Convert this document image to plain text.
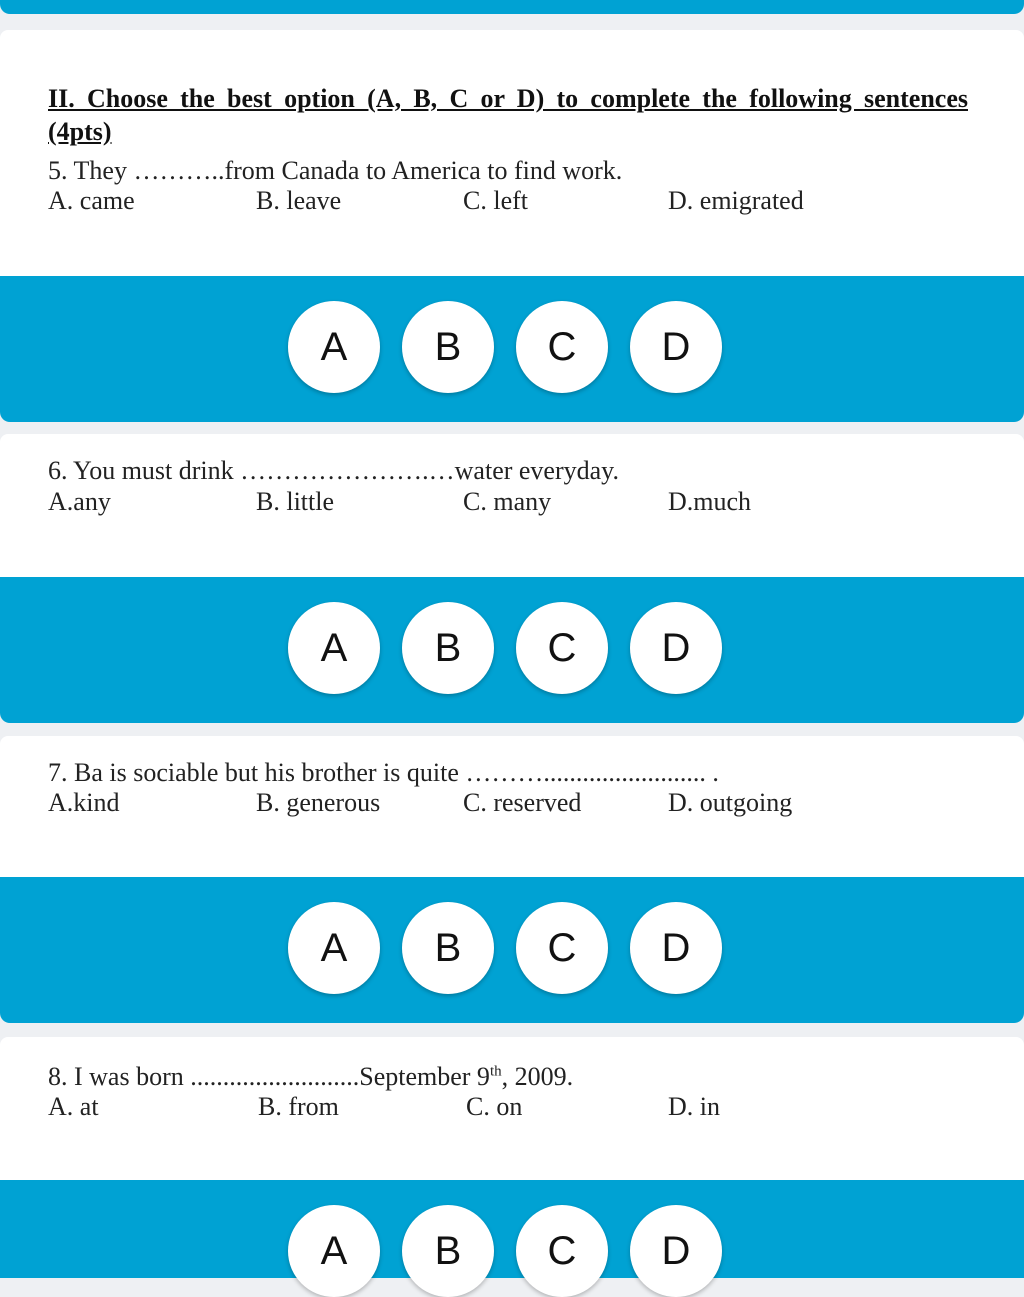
II. Choose the best option (A, B, C or D) to complete the following sentences
(4pts)
5. They ………..from Canada to America to find work.
A. came	B. leave	C. left	D. emigrated
A	B	C	D
6. You must drink ………………….…water everyday.
A.any	B. little	C. many	D.much
A	B	C	D
7. Ba is sociable but his brother is quite ………......................... .
A.kind	B. generous	C. reserved	D. outgoing
A	B	C	D
8. I was born ..........................September 9th, 2009.
A. at	B. from	C. on	D. in
A	B	C	D
